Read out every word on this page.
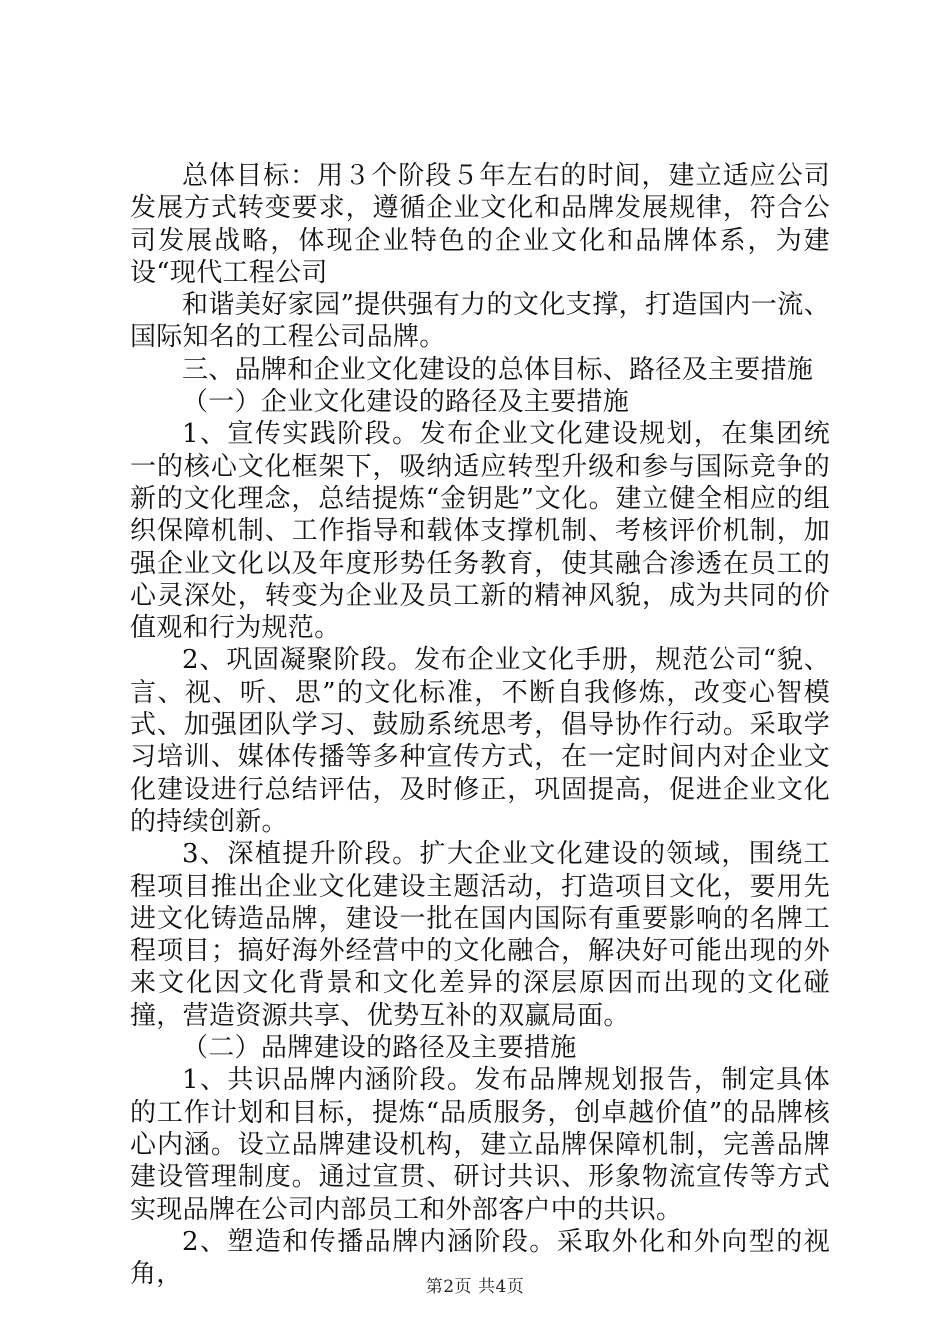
总体目标：用３个阶段５年左右的时间，建立适应公司发展方式转变要求，遵循企业文化和品牌发展规律，符合公司发展战略，体现企业特色的企业文化和品牌体系，为建设“现代工程公司

和谐美好家园”提供强有力的文化支撑，打造国内一流、国际知名的工程公司品牌。

三、品牌和企业文化建设的总体目标、路径及主要措施

（一）企业文化建设的路径及主要措施

1、宣传实践阶段。发布企业文化建设规划，在集团统一的核心文化框架下，吸纳适应转型升级和参与国际竞争的新的文化理念，总结提炼“金钥匙”文化。建立健全相应的组织保障机制、工作指导和载体支撑机制、考核评价机制，加强企业文化以及年度形势任务教育，使其融合渗透在员工的心灵深处，转变为企业及员工新的精神风貌，成为共同的价值观和行为规范。

2、巩固凝聚阶段。发布企业文化手册，规范公司“貌、言、视、听、思”的文化标准，不断自我修炼，改变心智模式、加强团队学习、鼓励系统思考，倡导协作行动。采取学习培训、媒体传播等多种宣传方式，在一定时间内对企业文化建设进行总结评估，及时修正，巩固提高，促进企业文化的持续创新。

3、深植提升阶段。扩大企业文化建设的领域，围绕工程项目推出企业文化建设主题活动，打造项目文化，要用先进文化铸造品牌，建设一批在国内国际有重要影响的名牌工程项目；搞好海外经营中的文化融合，解决好可能出现的外来文化因文化背景和文化差异的深层原因而出现的文化碰撞，营造资源共享、优势互补的双赢局面。

（二）品牌建设的路径及主要措施

1、共识品牌内涵阶段。发布品牌规划报告，制定具体的工作计划和目标，提炼“品质服务，创卓越价值”的品牌核心内涵。设立品牌建设机构，建立品牌保障机制，完善品牌建设管理制度。通过宣贯、研讨共识、形象物流宣传等方式实现品牌在公司内部员工和外部客户中的共识。

2、塑造和传播品牌内涵阶段。采取外化和外向型的视角，	第2页 共4页
